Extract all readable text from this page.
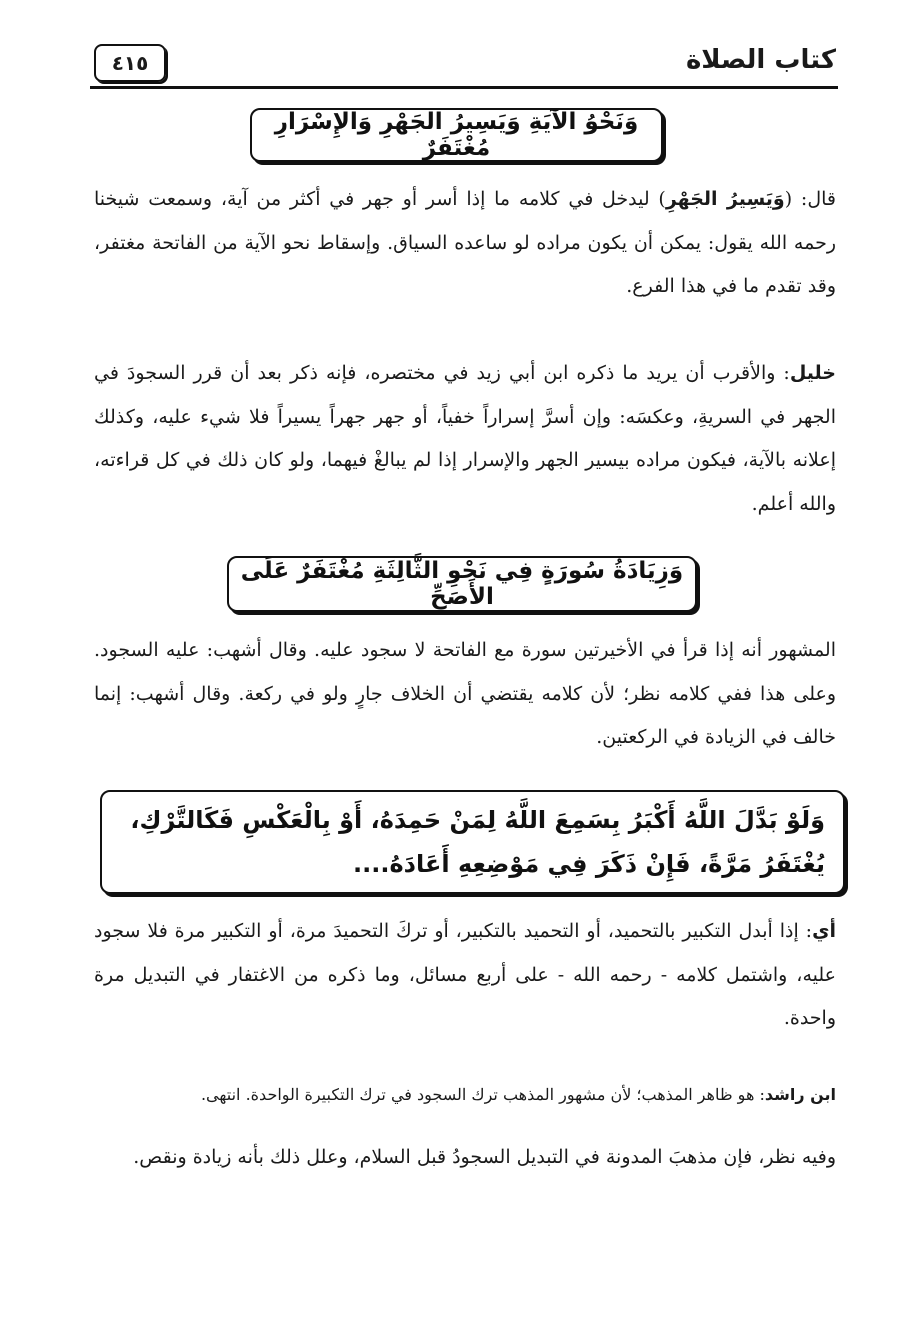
كتاب الصلاة
٤١٥
وَنَحْوُ الآيَةِ وَيَسِيرُ الجَهْرِ وَالإِسْرَارِ مُغْتَفَرٌ
قال: (وَيَسِيرُ الجَهْرِ) ليدخل في كلامه ما إذا أسر أو جهر في أكثر من آية، وسمعت شيخنا رحمه الله يقول: يمكن أن يكون مراده لو ساعده السياق. وإسقاط نحو الآية من الفاتحة مغتفر، وقد تقدم ما في هذا الفرع.
خليل: والأقرب أن يريد ما ذكره ابن أبي زيد في مختصره، فإنه ذكر بعد أن قرر السجودَ في الجهر في السريةِ، وعكسَه: وإن أسرَّ إسراراً خفياً، أو جهر جهراً يسيراً فلا شيء عليه، وكذلك إعلانه بالآية، فيكون مراده بيسير الجهر والإسرار إذا لم يبالغْ فيهما، ولو كان ذلك في كل قراءته، والله أعلم.
وَزِيَادَةُ سُورَةٍ فِي نَحْوِ الثَّالِثَةِ مُغْتَفَرٌ عَلَى الأَصَحِّ
المشهور أنه إذا قرأ في الأخيرتين سورة مع الفاتحة لا سجود عليه. وقال أشهب: عليه السجود. وعلى هذا ففي كلامه نظر؛ لأن كلامه يقتضي أن الخلاف جارٍ ولو في ركعة. وقال أشهب: إنما خالف في الزيادة في الركعتين.
وَلَوْ بَدَّلَ اللَّهُ أَكْبَرُ بِسَمِعَ اللَّهُ لِمَنْ حَمِدَهُ، أَوْ بِالْعَكْسِ فَكَالتَّرْكِ، يُغْتَفَرُ مَرَّةً، فَإِنْ ذَكَرَ فِي مَوْضِعِهِ أَعَادَهُ....
أي: إذا أبدل التكبير بالتحميد، أو التحميد بالتكبير، أو تركَ التحميدَ مرة، أو التكبير مرة فلا سجود عليه، واشتمل كلامه - رحمه الله - على أربع مسائل، وما ذكره من الاغتفار في التبديل مرة واحدة.
ابن راشد: هو ظاهر المذهب؛ لأن مشهور المذهب ترك السجود في ترك التكبيرة الواحدة. انتهى.
وفيه نظر، فإن مذهبَ المدونة في التبديل السجودُ قبل السلام، وعلل ذلك بأنه زيادة ونقص.
